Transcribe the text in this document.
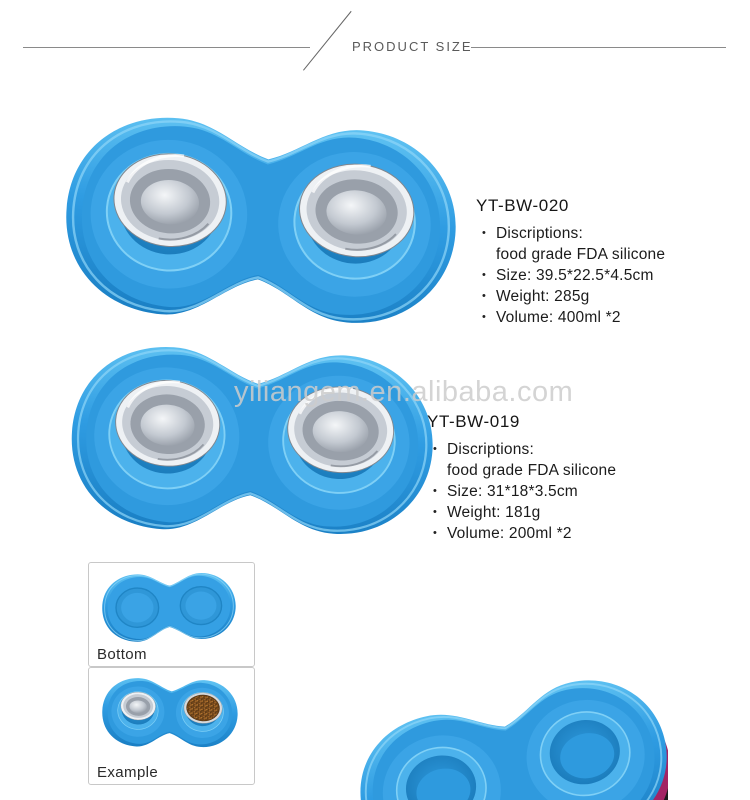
PRODUCT SIZE
YT-BW-020
• Discriptions:
food grade FDA silicone
• Size: 39.5*22.5*4.5cm
• Weight: 285g
• Volume: 400ml *2
yiliangem.en.alibaba.com
YT-BW-019
• Discriptions:
food grade FDA silicone
• Size: 31*18*3.5cm
• Weight: 181g
• Volume: 200ml *2
Bottom
Example
